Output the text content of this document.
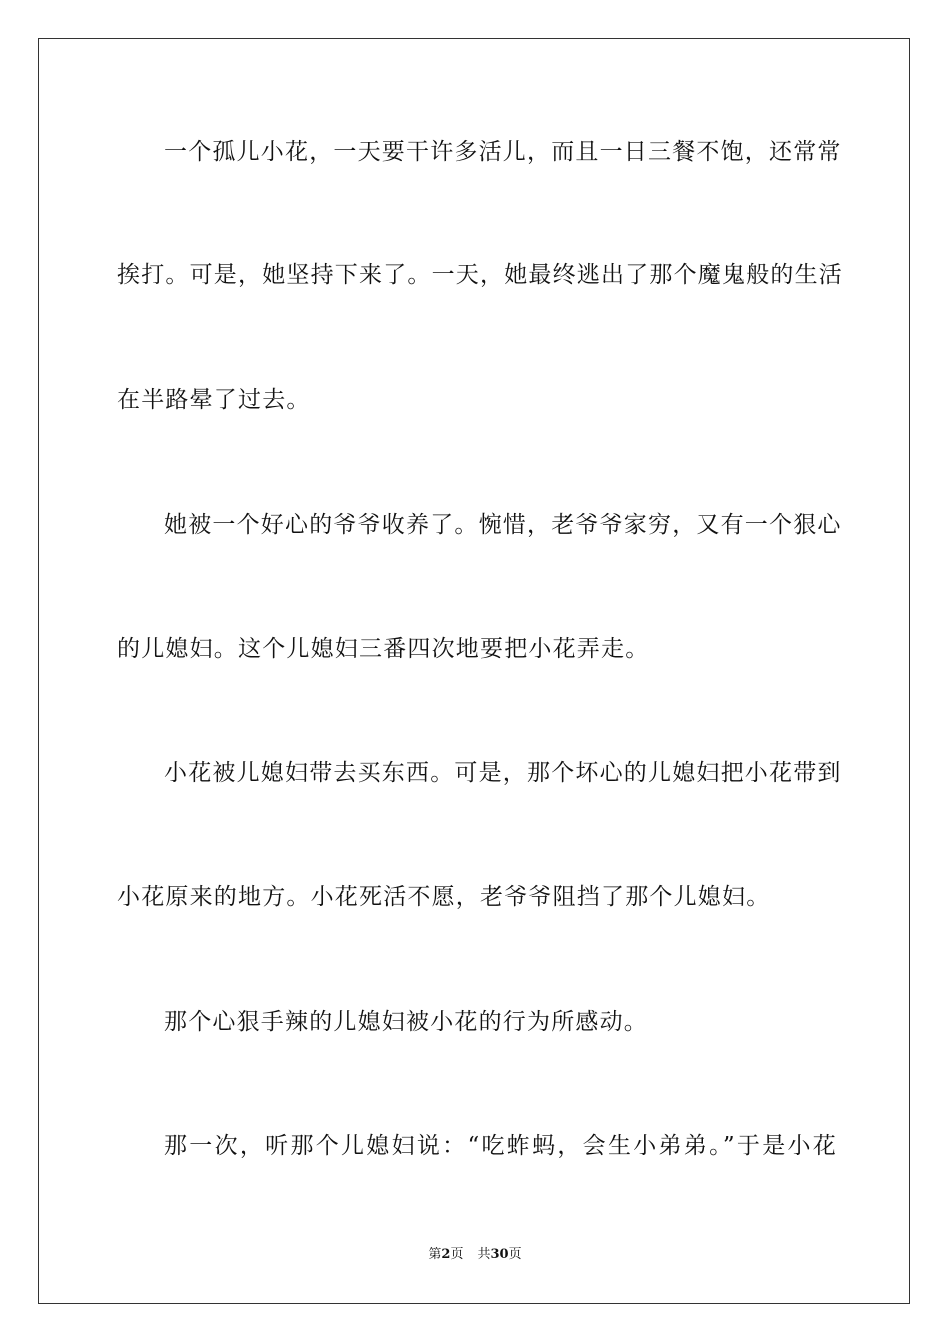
一个孤儿小花，一天要干许多活儿，而且一日三餐不饱，还常常

挨打。可是，她坚持下来了。一天，她最终逃出了那个魔鬼般的生活

在半路晕了过去。

她被一个好心的爷爷收养了。惋惜，老爷爷家穷，又有一个狠心

的儿媳妇。这个儿媳妇三番四次地要把小花弄走。

小花被儿媳妇带去买东西。可是，那个坏心的儿媳妇把小花带到

小花原来的地方。小花死活不愿，老爷爷阻挡了那个儿媳妇。

那个心狠手辣的儿媳妇被小花的行为所感动。

那一次，听那个儿媳妇说：“吃蚱蚂，会生小弟弟。”于是小花

第2页 共30页
